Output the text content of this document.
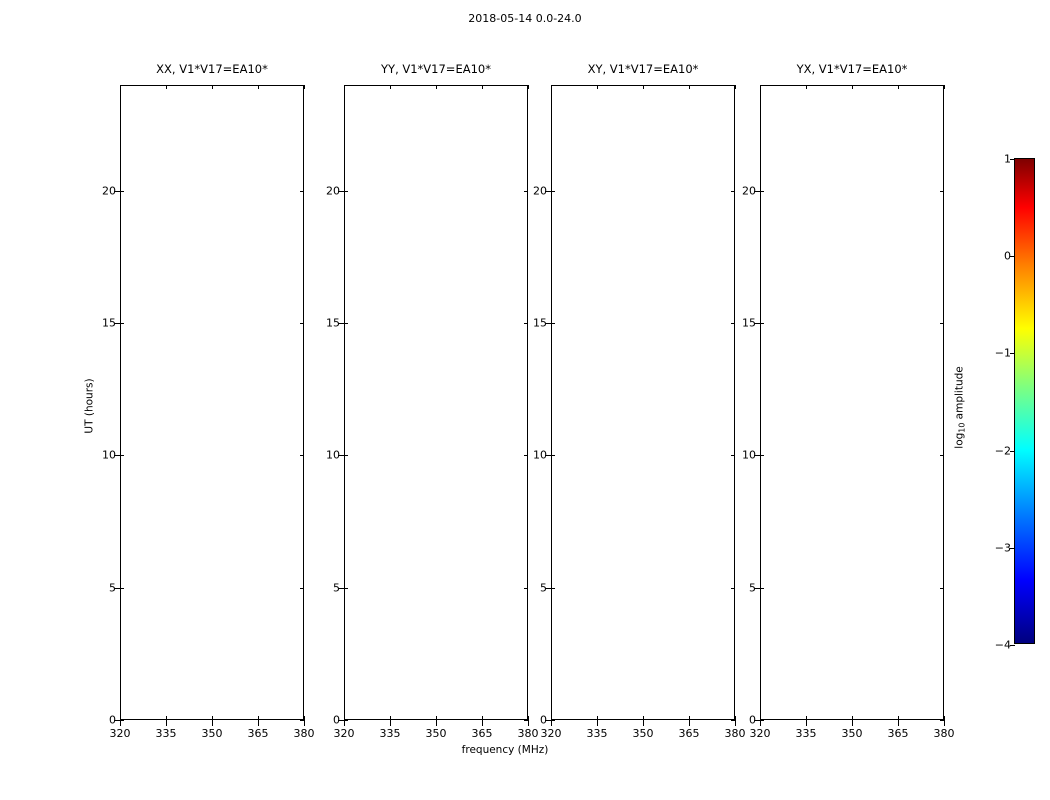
2018-05-14 0.0-24.0
XX, V1*V17=EA10*
0
5
10
15
20
320 335 350 365 380
YY, V1*V17=EA10*
0
5
10
15
20
320 335 350 365 380
XY, V1*V17=EA10*
0
5
10
15
20
320 335 350 365 380
YX, V1*V17=EA10*
0
5
10
15
20
320 335 350 365 380
UT (hours)
frequency (MHz)
−4
−3
−2
−1
0
1
$\log_{10}$ amplitude
